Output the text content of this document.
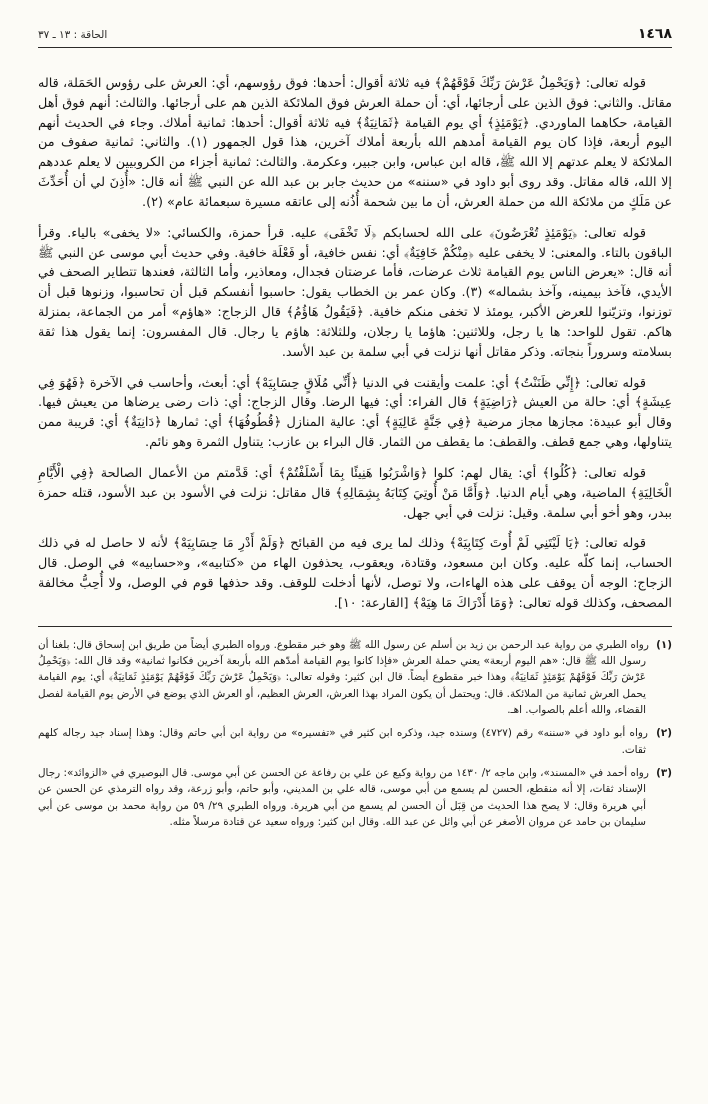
١٤٦٨
الحاقة : ١٣ ـ ٣٧

قوله تعالى: ﴿وَيَحْمِلُ عَرْشَ رَبِّكَ فَوْقَهُمْ﴾ فيه ثلاثة أقوال: أحدها: فوق رؤوسهم، أي: العرش على رؤوس الحَمَلة، قاله مقاتل. والثاني: فوق الذين على أرجائها، أي: أن حملة العرش فوق الملائكة الذين هم على أرجائها. والثالث: أنهم فوق أهل القيامة، حكاهما الماوردي. ﴿يَوْمَئِذٍ﴾ أي يوم القيامة ﴿ثَمَانِيَةٌ﴾ فيه ثلاثة أقوال: أحدها: ثمانية أملاك. وجاء في الحديث أنهم اليوم أربعة، فإذا كان يوم القيامة أمدهم الله بأربعة أملاك آخرين، هذا قول الجمهور (١). والثاني: ثمانية صفوف من الملائكة لا يعلم عدتهم إلا الله ﷺ، قاله ابن عباس، وابن جبير، وعكرمة. والثالث: ثمانية أجزاء من الكروبيين لا يعلم عددهم إلا الله، قاله مقاتل. وقد روى أبو داود في «سننه» من حديث جابر بن عبد الله عن النبي ﷺ أنه قال: «أُذِنَ لي أن أُحَدِّثَ عن مَلَكٍ من ملائكة الله من حملة العرش، أن ما بين شحمة أُذُنه إلى عاتقه مسيرة سبعمائة عام» (٢).

قوله تعالى: ﴿يَوْمَئِذٍ تُعْرَضُونَ﴾ على الله لحسابكم ﴿لَا تَخْفَى﴾ عليه. قرأ حمزة، والكسائي: «لا يخفى» بالياء. وقرأ الباقون بالتاء. والمعنى: لا يخفى عليه ﴿مِنْكُمْ خَافِيَةٌ﴾ أي: نفس خافية، أو فَعْلَة خافية. وفي حديث أبي موسى عن النبي ﷺ أنه قال: «يعرض الناس يوم القيامة ثلاث عرضات، فأما عرضتان فجدال، ومعاذير، وأما الثالثة، فعندها تتطاير الصحف في الأيدي، فآخذ بيمينه، وآخذ بشماله» (٣). وكان عمر بن الخطاب يقول: حاسبوا أنفسكم قبل أن تحاسبوا، وزنوها قبل أن توزنوا، وتزيّنوا للعرض الأكبر، يومئذ لا تخفى منكم خافية. ﴿فَيَقُولُ هَاؤُمُ﴾ قال الزجاج: «هاؤم» أمر من الجماعة، بمنزلة هاكم. تقول للواحد: ها يا رجل، وللاثنين: هاؤما يا رجلان، وللثلاثة: هاؤم يا رجال. قال المفسرون: إنما يقول هذا ثقة بسلامته وسروراً بنجاته. وذكر مقاتل أنها نزلت في أبي سلمة بن عبد الأسد.

قوله تعالى: ﴿إِنِّي ظَنَنْتُ﴾ أي: علمت وأيقنت في الدنيا ﴿أَنِّي مُلَاقٍ حِسَابِيَهْ﴾ أي: أبعث، وأحاسب في الآخرة ﴿فَهُوَ فِي عِيشَةٍ﴾ أي: حالة من العيش ﴿رَاضِيَةٍ﴾ قال الفراء: أي: فيها الرضا. وقال الزجاج: أي: ذات رضى يرضاها من يعيش فيها. وقال أبو عبيدة: مجازها مجاز مرضية ﴿فِي جَنَّةٍ عَالِيَةٍ﴾ أي: عالية المنازل ﴿قُطُوفُهَا﴾ أي: ثمارها ﴿دَانِيَةٌ﴾ أي: قريبة ممن يتناولها، وهي جمع قطف. والقطف: ما يقطف من الثمار. قال البراء بن عازب: يتناول الثمرة وهو نائم.

قوله تعالى: ﴿كُلُوا﴾ أي: يقال لهم: كلوا ﴿وَاشْرَبُوا هَنِيئًا بِمَا أَسْلَفْتُمْ﴾ أي: قَدَّمتم من الأعمال الصالحة ﴿فِي الْأَيَّامِ الْخَالِيَةِ﴾ الماضية، وهي أيام الدنيا. ﴿وَأَمَّا مَنْ أُوتِيَ كِتَابَهُ بِشِمَالِهِ﴾ قال مقاتل: نزلت في الأسود بن عبد الأسود، قتله حمزة ببدر، وهو أخو أبي سلمة. وقيل: نزلت في أبي جهل.

قوله تعالى: ﴿يَا لَيْتَنِي لَمْ أُوتَ كِتَابِيَهْ﴾ وذلك لما يرى فيه من القبائح ﴿وَلَمْ أَدْرِ مَا حِسَابِيَهْ﴾ لأنه لا حاصل له في ذلك الحساب، إنما كلّه عليه. وكان ابن مسعود، وقتادة، ويعقوب، يحذفون الهاء من «كتابيه»، و«حسابيه» في الوصل. قال الزجاج: الوجه أن يوقف على هذه الهاءات، ولا توصل، لأنها أدخلت للوقف. وقد حذفها قوم في الوصل، ولا أُحِبُّ مخالفة المصحف، وكذلك قوله تعالى: ﴿وَمَا أَدْرَاكَ مَا هِيَهْ﴾ [القارعة: ١٠].

(١) رواه الطبري من رواية عبد الرحمن بن زيد بن أسلم عن رسول الله ﷺ وهو خبر مقطوع. ورواه الطبري أيضاً من طريق ابن إسحاق قال: بلغنا أن رسول الله ﷺ قال: «هم اليوم أربعة» يعني حملة العرش «فإذا كانوا يوم القيامة أمدّهم الله بأربعة آخرين فكانوا ثمانية» وقد قال الله: ﴿وَيَحْمِلُ عَرْشَ رَبِّكَ فَوْقَهُمْ يَوْمَئِذٍ ثَمَانِيَةٌ﴾ وهذا خبر مقطوع أيضاً. قال ابن كثير: وقوله تعالى: ﴿وَيَحْمِلُ عَرْشَ رَبِّكَ فَوْقَهُمْ يَوْمَئِذٍ ثَمَانِيَةٌ﴾ أي: يوم القيامة يحمل العرش ثمانية من الملائكة. قال: ويحتمل أن يكون المراد بهذا العرش، العرش العظيم، أو العرش الذي يوضع في الأرض يوم القيامة لفصل القضاء، والله أعلم بالصواب. اهـ.
(٢) رواه أبو داود في «سننه» رقم (٤٧٢٧) وسنده جيد، وذكره ابن كثير في «تفسيره» من رواية ابن أبي حاتم وقال: وهذا إسناد جيد رجاله كلهم ثقات.
(٣) رواه أحمد في «المسند»، وابن ماجه ٢/ ١٤٣٠ من رواية وكيع عن علي بن رفاعة عن الحسن عن أبي موسى. قال البوصيري في «الزوائد»: رجال الإسناد ثقات، إلا أنه منقطع، الحسن لم يسمع من أبي موسى، قاله علي بن المديني، وأبو حاتم، وأبو زرعة، وقد رواه الترمذي عن الحسن عن أبي هريرة وقال: لا يصح هذا الحديث من قِبَل أن الحسن لم يسمع من أبي هريرة. ورواه الطبري ٢٩/ ٥٩ من رواية محمد بن موسى عن أبي سليمان بن حامد عن مروان الأصغر عن أبي وائل عن عبد الله. وقال ابن كثير: ورواه سعيد عن قتادة مرسلاً مثله.
